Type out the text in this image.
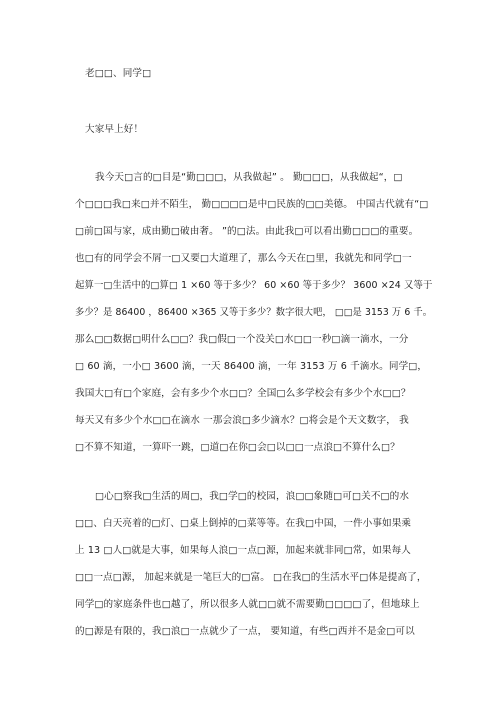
老□□、同学□
大家早上好！
我今天□言的□目是“勤□□□，从我做起” 。 勤□□□，从我做起“，□
个□□□我□来□并不陌生， 勤□□□□是中□民族的□□美德。 中国古代就有“□
□前□国与家，成由勤□破由奢。 ”的□法。由此我□可以看出勤□□□的重要。
也□有的同学会不屑一□又要□大道理了，那么今天在□里，我就先和同学□一
起算一□生活中的□算□ 1 ×60 等于多少？ 60 ×60 等于多少？ 3600 ×24 又等于
多少？是 86400 ，86400 ×365 又等于多少？数字很大吧， □□是 3153 万 6 千。
那么□□数据□明什么□□？我□假□一个没关□水□□一秒□滴一滴水，一分
□ 60 滴，一小□ 3600 滴，一天 86400 滴，一年 3153 万 6 千滴水。同学□，
我国大□有□个家庭，会有多少个水□□？全国□么多学校会有多少个水□□？
每天又有多少个水□□在滴水 一那会浪□多少滴水？□将会是个天文数字， 我
□不算不知道，一算吓一跳，□道□在你□会□以□□一点浪□不算什么□？
□心□察我□生活的周□，我□学□的校园，浪□□象随□可□关不□的水
□□、白天亮着的□灯、□桌上倒掉的□菜等等。在我□中国，一件小事如果乘
上 13 □人□就是大事，如果每人浪□一点□源，加起来就非同□常，如果每人
□□一点□源， 加起来就是一笔巨大的□富。 □在我□的生活水平□体是提高了，
同学□的家庭条件也□越了，所以很多人就□□就不需要勤□□□□了，但地球上
的□源是有限的，我□浪□一点就少了一点， 要知道，有些□西并不是金□可以
